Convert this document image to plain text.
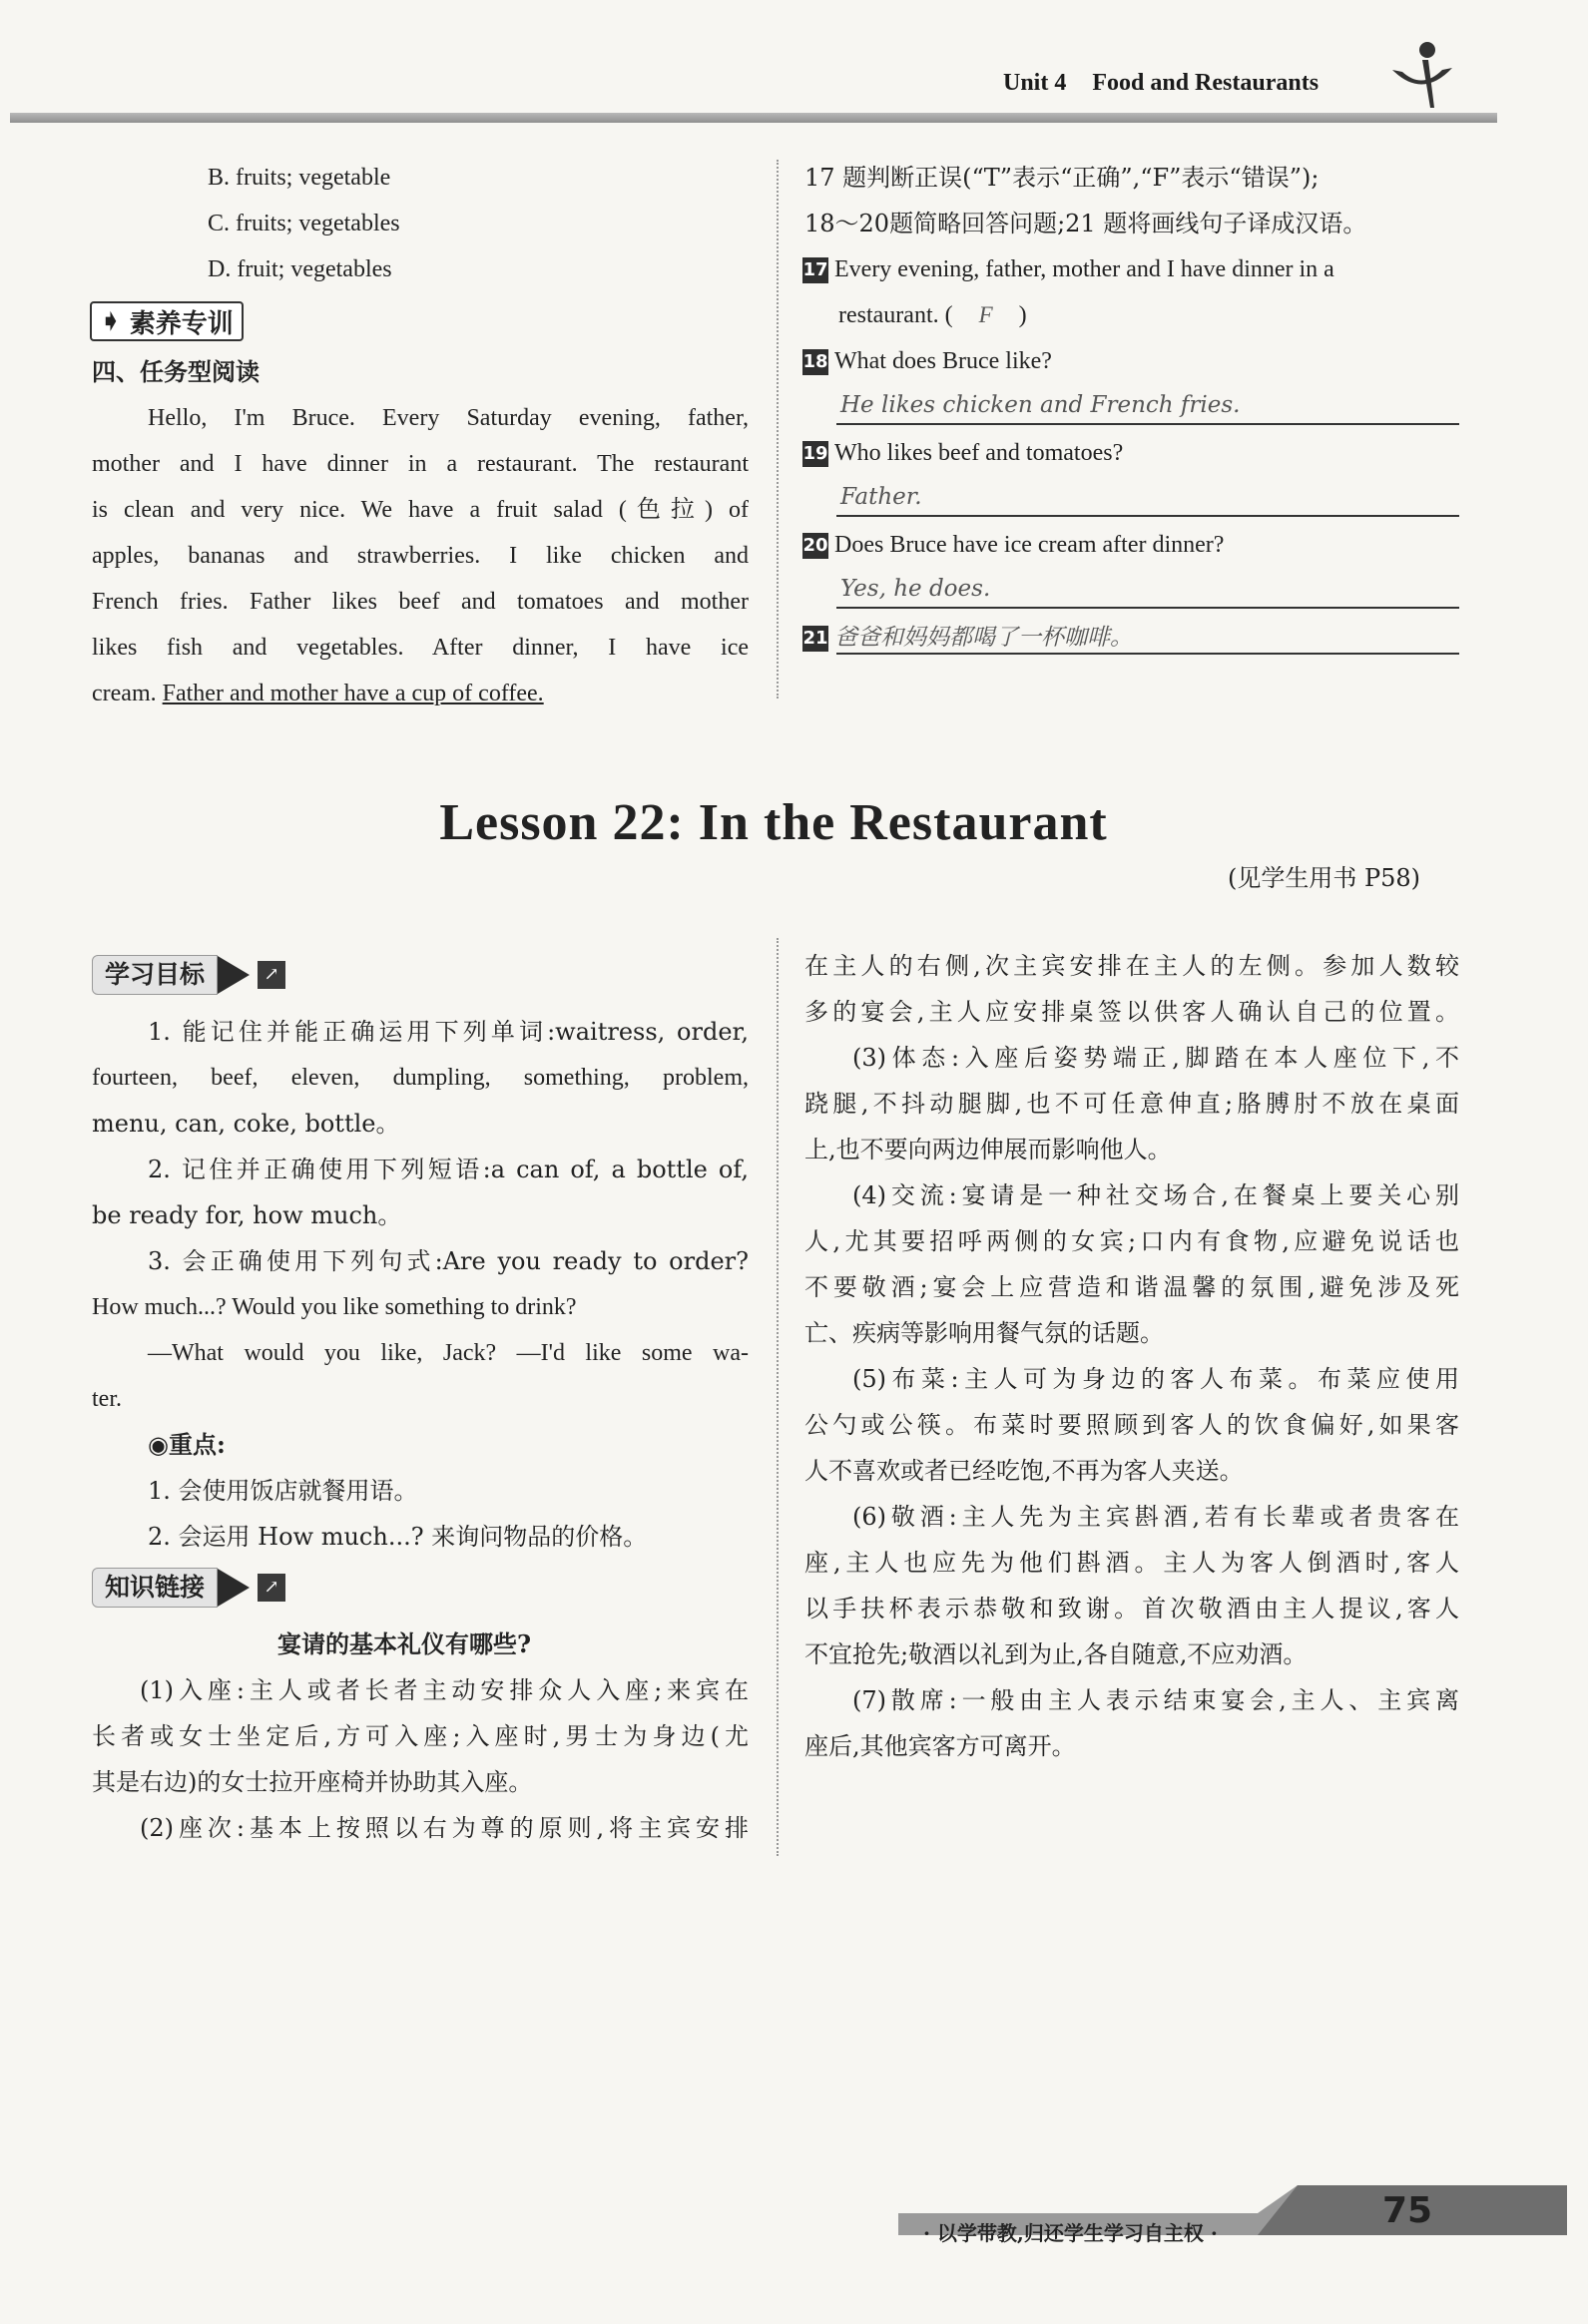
Unit 4 Food and Restaurants
B. fruits; vegetable
C. fruits; vegetables
D. fruit; vegetables
➧ 素养专训
四、任务型阅读
Hello, I'm Bruce. Every Saturday evening, father,
mother and I have dinner in a restaurant. The restaurant
is clean and very nice. We have a fruit salad (色拉) of
apples, bananas and strawberries. I like chicken and
French fries. Father likes beef and tomatoes and mother
likes fish and vegetables. After dinner, I have ice
cream. Father and mother have a cup of coffee.
17 题判断正误(“T”表示“正确”,“F”表示“错误”);
18～20题简略回答问题;21 题将画线句子译成汉语。
17 Every evening, father, mother and I have dinner in a
restaurant. ( F )
18 What does Bruce like?
He likes chicken and French fries.
19 Who likes beef and tomatoes?
Father.
20 Does Bruce have ice cream after dinner?
Yes, he does.
21 爸爸和妈妈都喝了一杯咖啡。
Lesson 22: In the Restaurant
(见学生用书 P58)
学习目标	↗
1. 能记住并能正确运用下列单词:waitress, order,
fourteen, beef, eleven, dumpling, something, problem,
menu, can, coke, bottle。
2. 记住并正确使用下列短语:a can of, a bottle of,
be ready for, how much。
3. 会正确使用下列句式:Are you ready to order?
How much...? Would you like something to drink?
—What would you like, Jack? —I'd like some wa-
ter.
◉重点:
1. 会使用饭店就餐用语。
2. 会运用 How much...? 来询问物品的价格。
知识链接	↗
宴请的基本礼仪有哪些?
(1)入座:主人或者长者主动安排众人入座;来宾在
长者或女士坐定后,方可入座;入座时,男士为身边(尤
其是右边)的女士拉开座椅并协助其入座。
(2)座次:基本上按照以右为尊的原则,将主宾安排
在主人的右侧,次主宾安排在主人的左侧。参加人数较
多的宴会,主人应安排桌签以供客人确认自己的位置。
(3)体态:入座后姿势端正,脚踏在本人座位下,不
跷腿,不抖动腿脚,也不可任意伸直;胳膊肘不放在桌面
上,也不要向两边伸展而影响他人。
(4)交流:宴请是一种社交场合,在餐桌上要关心别
人,尤其要招呼两侧的女宾;口内有食物,应避免说话也
不要敬酒;宴会上应营造和谐温馨的氛围,避免涉及死
亡、疾病等影响用餐气氛的话题。
(5)布菜:主人可为身边的客人布菜。布菜应使用
公勺或公筷。布菜时要照顾到客人的饮食偏好,如果客
人不喜欢或者已经吃饱,不再为客人夹送。
(6)敬酒:主人先为主宾斟酒,若有长辈或者贵客在
座,主人也应先为他们斟酒。主人为客人倒酒时,客人
以手扶杯表示恭敬和致谢。首次敬酒由主人提议,客人
不宜抢先;敬酒以礼到为止,各自随意,不应劝酒。
(7)散席:一般由主人表示结束宴会,主人、主宾离
座后,其他宾客方可离开。
· 以学带教,归还学生学习自主权 ·
75
